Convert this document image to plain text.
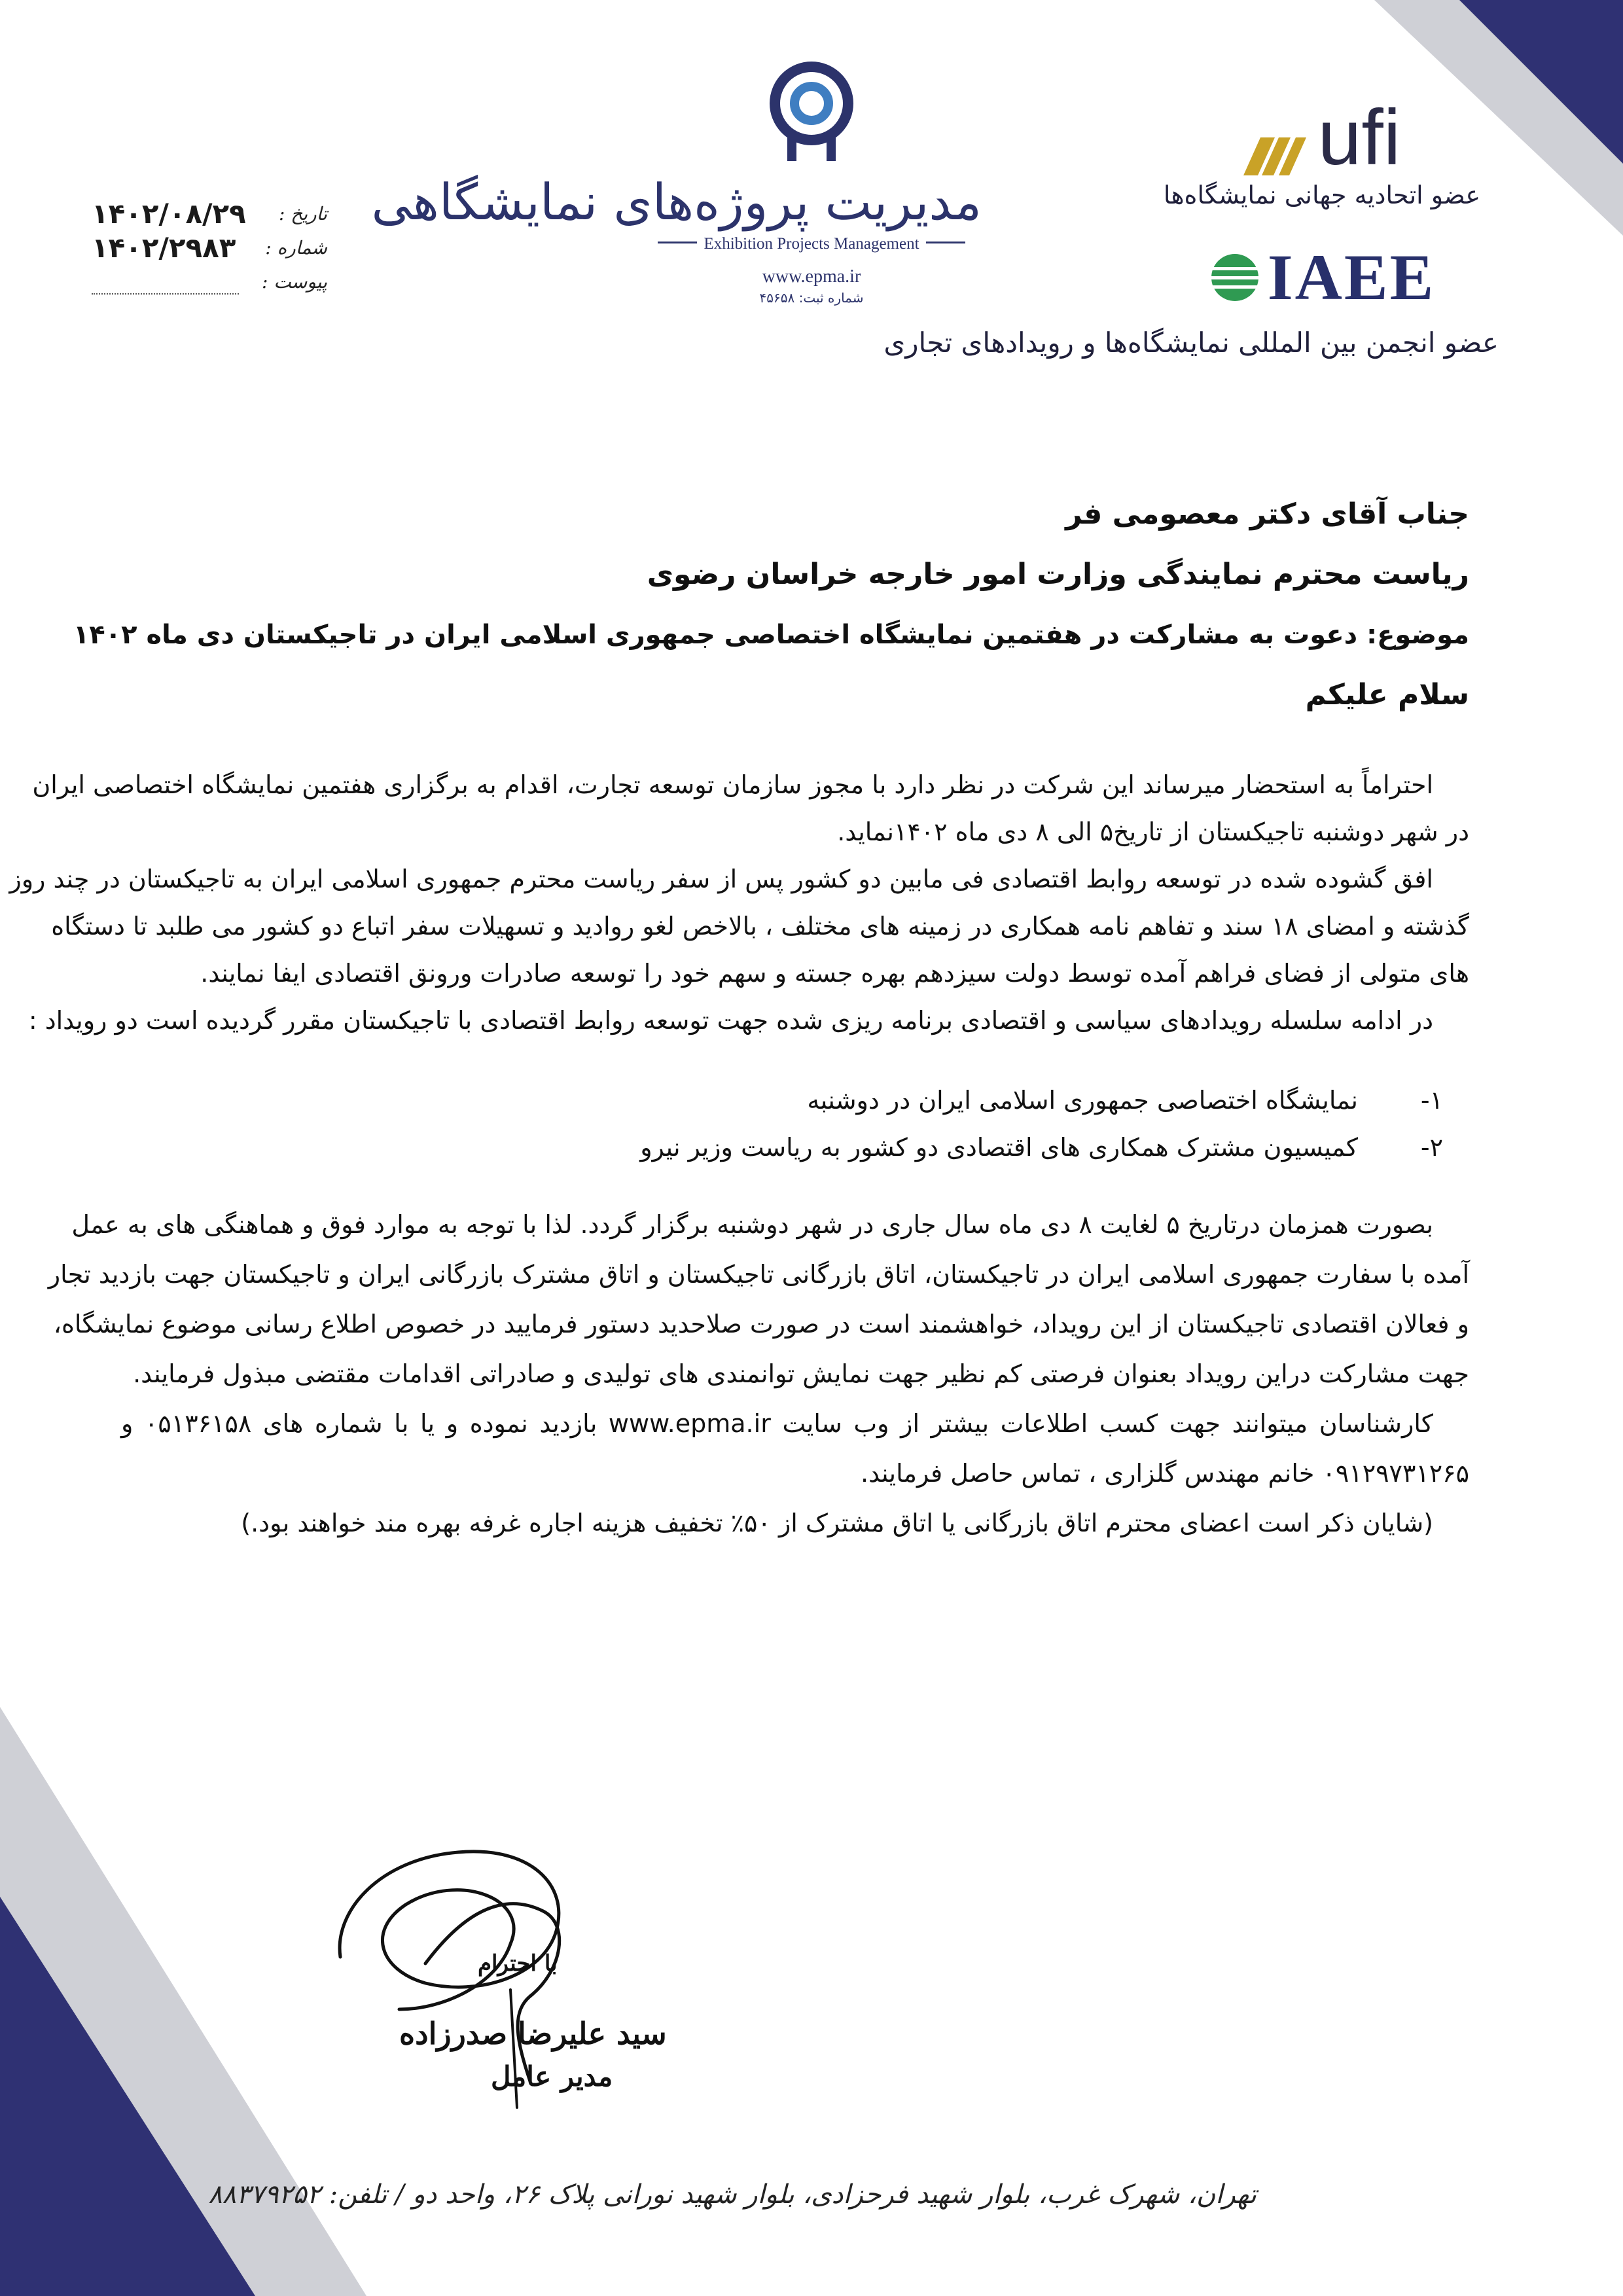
ufi
عضو اتحادیه جهانی نمایشگاه‌ها
IAEE
عضو انجمن بین المللی نمایشگاه‌ها و رویدادهای تجاری
مدیریت پروژه‌های نمایشگاهی
Exhibition Projects Management
www.epma.ir
شماره ثبت: ۴۵۶۵۸
۱۴۰۲/۰۸/۲۹ تاریخ :
۱۴۰۲/۲۹۸۳ شماره :
پیوست :
جناب آقای دکتر معصومی فر
ریاست محترم نمایندگی وزارت امور خارجه خراسان رضوی
موضوع: دعوت به مشارکت در هفتمین نمایشگاه اختصاصی جمهوری اسلامی ایران در تاجیکستان دی ماه ۱۴۰۲
سلام علیکم
احتراماً به استحضار میرساند این شرکت در نظر دارد با مجوز سازمان توسعه تجارت، اقدام به برگزاری هفتمین نمایشگاه اختصاصی ایران
در شهر دوشنبه تاجیکستان از تاریخ۵ الی ۸ دی ماه ۱۴۰۲نماید.
افق گشوده شده در توسعه روابط اقتصادی فی مابین دو کشور پس از سفر ریاست محترم جمهوری اسلامی ایران به تاجیکستان در چند روز
گذشته و امضای ۱۸ سند و تفاهم نامه همکاری در زمینه های مختلف ، بالاخص لغو روادید و تسهیلات سفر اتباع دو کشور می طلبد تا دستگاه
های متولی از فضای فراهم آمده توسط دولت سیزدهم بهره جسته و سهم خود را توسعه صادرات ورونق اقتصادی ایفا نمایند.
در ادامه سلسله رویدادهای سیاسی و اقتصادی برنامه ریزی شده جهت توسعه روابط اقتصادی با تاجیکستان مقرر گردیده است دو رویداد :
۱-
نمایشگاه اختصاصی جمهوری اسلامی ایران در دوشنبه
۲-
کمیسیون مشترک همکاری های اقتصادی دو کشور به ریاست وزیر نیرو
بصورت همزمان درتاریخ ۵ لغایت ۸ دی ماه سال جاری در شهر دوشنبه برگزار گردد. لذا با توجه به موارد فوق و هماهنگی های به عمل
آمده با سفارت جمهوری اسلامی ایران در تاجیکستان، اتاق بازرگانی تاجیکستان و اتاق مشترک بازرگانی ایران و تاجیکستان جهت بازدید تجار
و فعالان اقتصادی تاجیکستان از این رویداد، خواهشمند است در صورت صلاحدید دستور فرمایید در خصوص اطلاع رسانی موضوع نمایشگاه،
جهت مشارکت دراین رویداد بعنوان فرصتی کم نظیر جهت نمایش توانمندی های تولیدی و صادراتی اقدامات مقتضی مبذول فرمایند.
کارشناسان میتوانند جهت کسب اطلاعات بیشتر از وب سایت www.epma.ir بازدید نموده و یا با شماره های ۰۵۱۳۶۱۵۸ و
۰۹۱۲۹۷۳۱۲۶۵ خانم مهندس گلزاری ، تماس حاصل فرمایند.
(شایان ذکر است اعضای محترم اتاق بازرگانی یا اتاق مشترک از ۵۰٪ تخفیف هزینه اجاره غرفه بهره مند خواهند بود.)
با احترام
سید علیرضا صدرزاده
مدیر عامل
تهران، شهرک غرب، بلوار شهید فرحزادی، بلوار شهید نورانی پلاک ۲۶، واحد دو / تلفن: ۸۸۳۷۹۲۵۲
